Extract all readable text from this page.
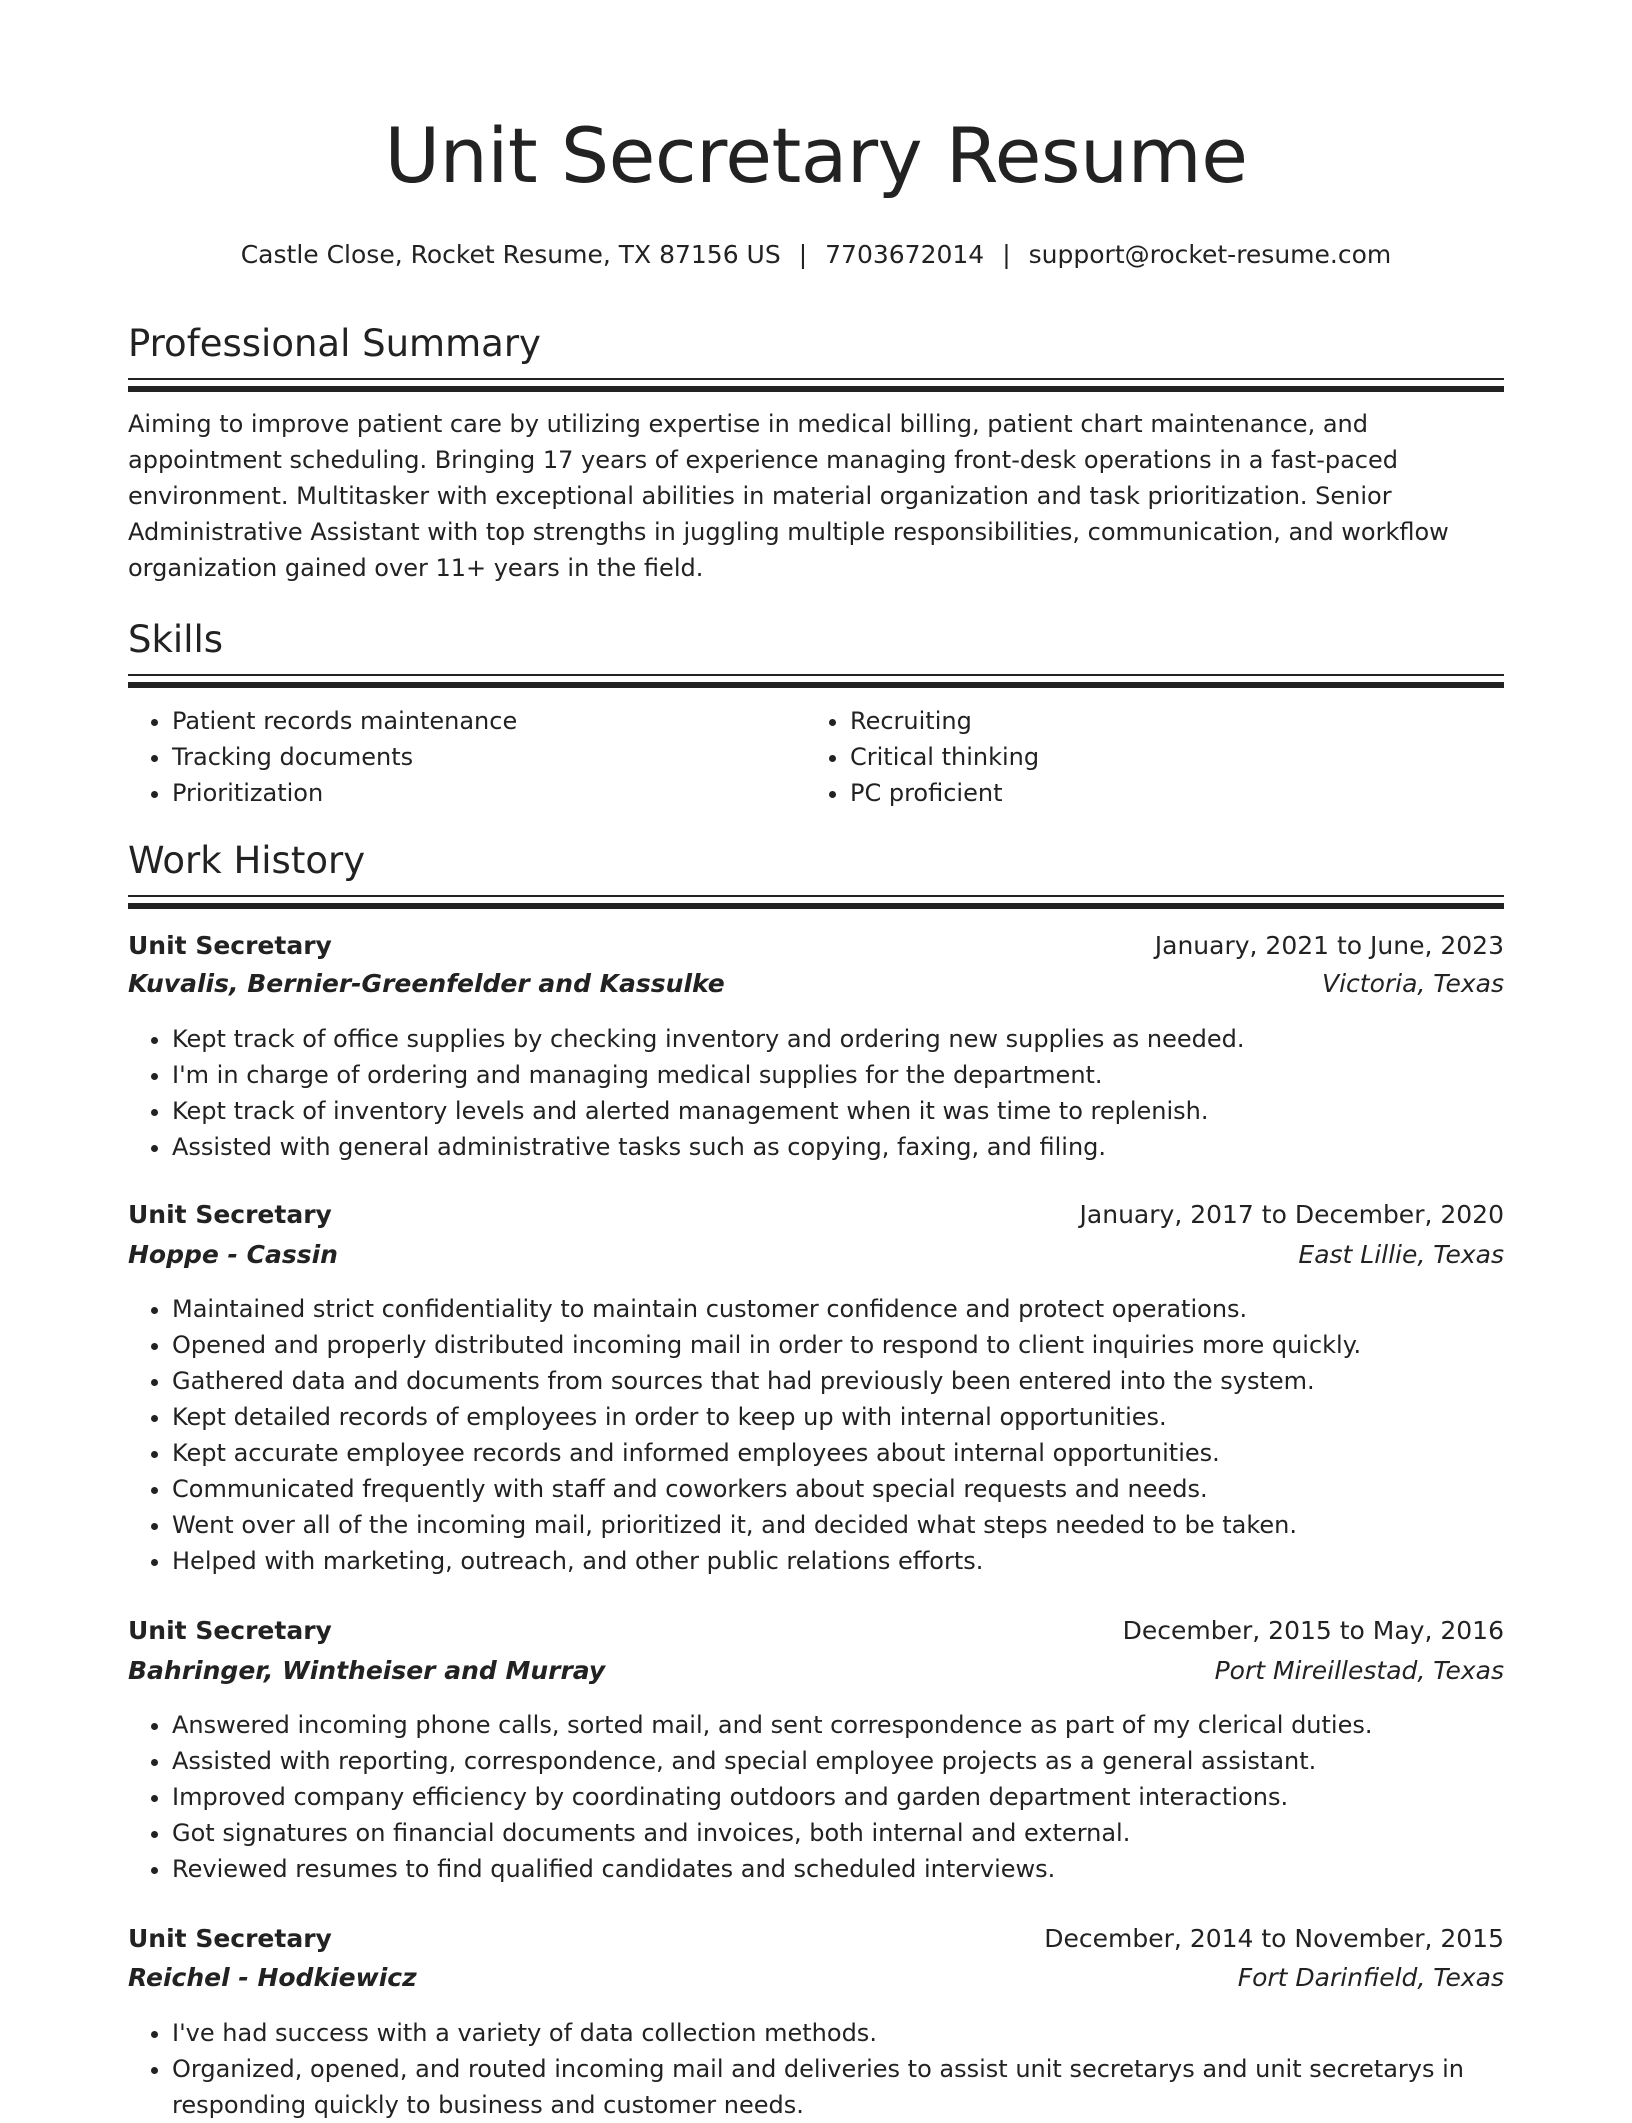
Unit Secretary Resume
Castle Close, Rocket Resume, TX 87156 US | 7703672014 | support@rocket-resume.com
Professional Summary

Aiming to improve patient care by utilizing expertise in medical billing, patient chart maintenance, and appointment scheduling. Bringing 17 years of experience managing front-desk operations in a fast-paced environment. Multitasker with exceptional abilities in material organization and task prioritization. Senior Administrative Assistant with top strengths in juggling multiple responsibilities, communication, and workflow organization gained over 11+ years in the field.

Skills
• Patient records maintenance
• Tracking documents
• Prioritization
• Recruiting
• Critical thinking
• PC proficient
Work History
Unit Secretary	January, 2021 to June, 2023
Kuvalis, Bernier-Greenfelder and Kassulke	Victoria, Texas
• Kept track of office supplies by checking inventory and ordering new supplies as needed.
• I'm in charge of ordering and managing medical supplies for the department.
• Kept track of inventory levels and alerted management when it was time to replenish.
• Assisted with general administrative tasks such as copying, faxing, and filing.
Unit Secretary	January, 2017 to December, 2020
Hoppe - Cassin	East Lillie, Texas
• Maintained strict confidentiality to maintain customer confidence and protect operations.
• Opened and properly distributed incoming mail in order to respond to client inquiries more quickly.
• Gathered data and documents from sources that had previously been entered into the system.
• Kept detailed records of employees in order to keep up with internal opportunities.
• Kept accurate employee records and informed employees about internal opportunities.
• Communicated frequently with staff and coworkers about special requests and needs.
• Went over all of the incoming mail, prioritized it, and decided what steps needed to be taken.
• Helped with marketing, outreach, and other public relations efforts.
Unit Secretary	December, 2015 to May, 2016
Bahringer, Wintheiser and Murray	Port Mireillestad, Texas
• Answered incoming phone calls, sorted mail, and sent correspondence as part of my clerical duties.
• Assisted with reporting, correspondence, and special employee projects as a general assistant.
• Improved company efficiency by coordinating outdoors and garden department interactions.
• Got signatures on financial documents and invoices, both internal and external.
• Reviewed resumes to find qualified candidates and scheduled interviews.
Unit Secretary	December, 2014 to November, 2015
Reichel - Hodkiewicz	Fort Darinfield, Texas
• I've had success with a variety of data collection methods.
• Organized, opened, and routed incoming mail and deliveries to assist unit secretarys and unit secretarys in responding quickly to business and customer needs.
